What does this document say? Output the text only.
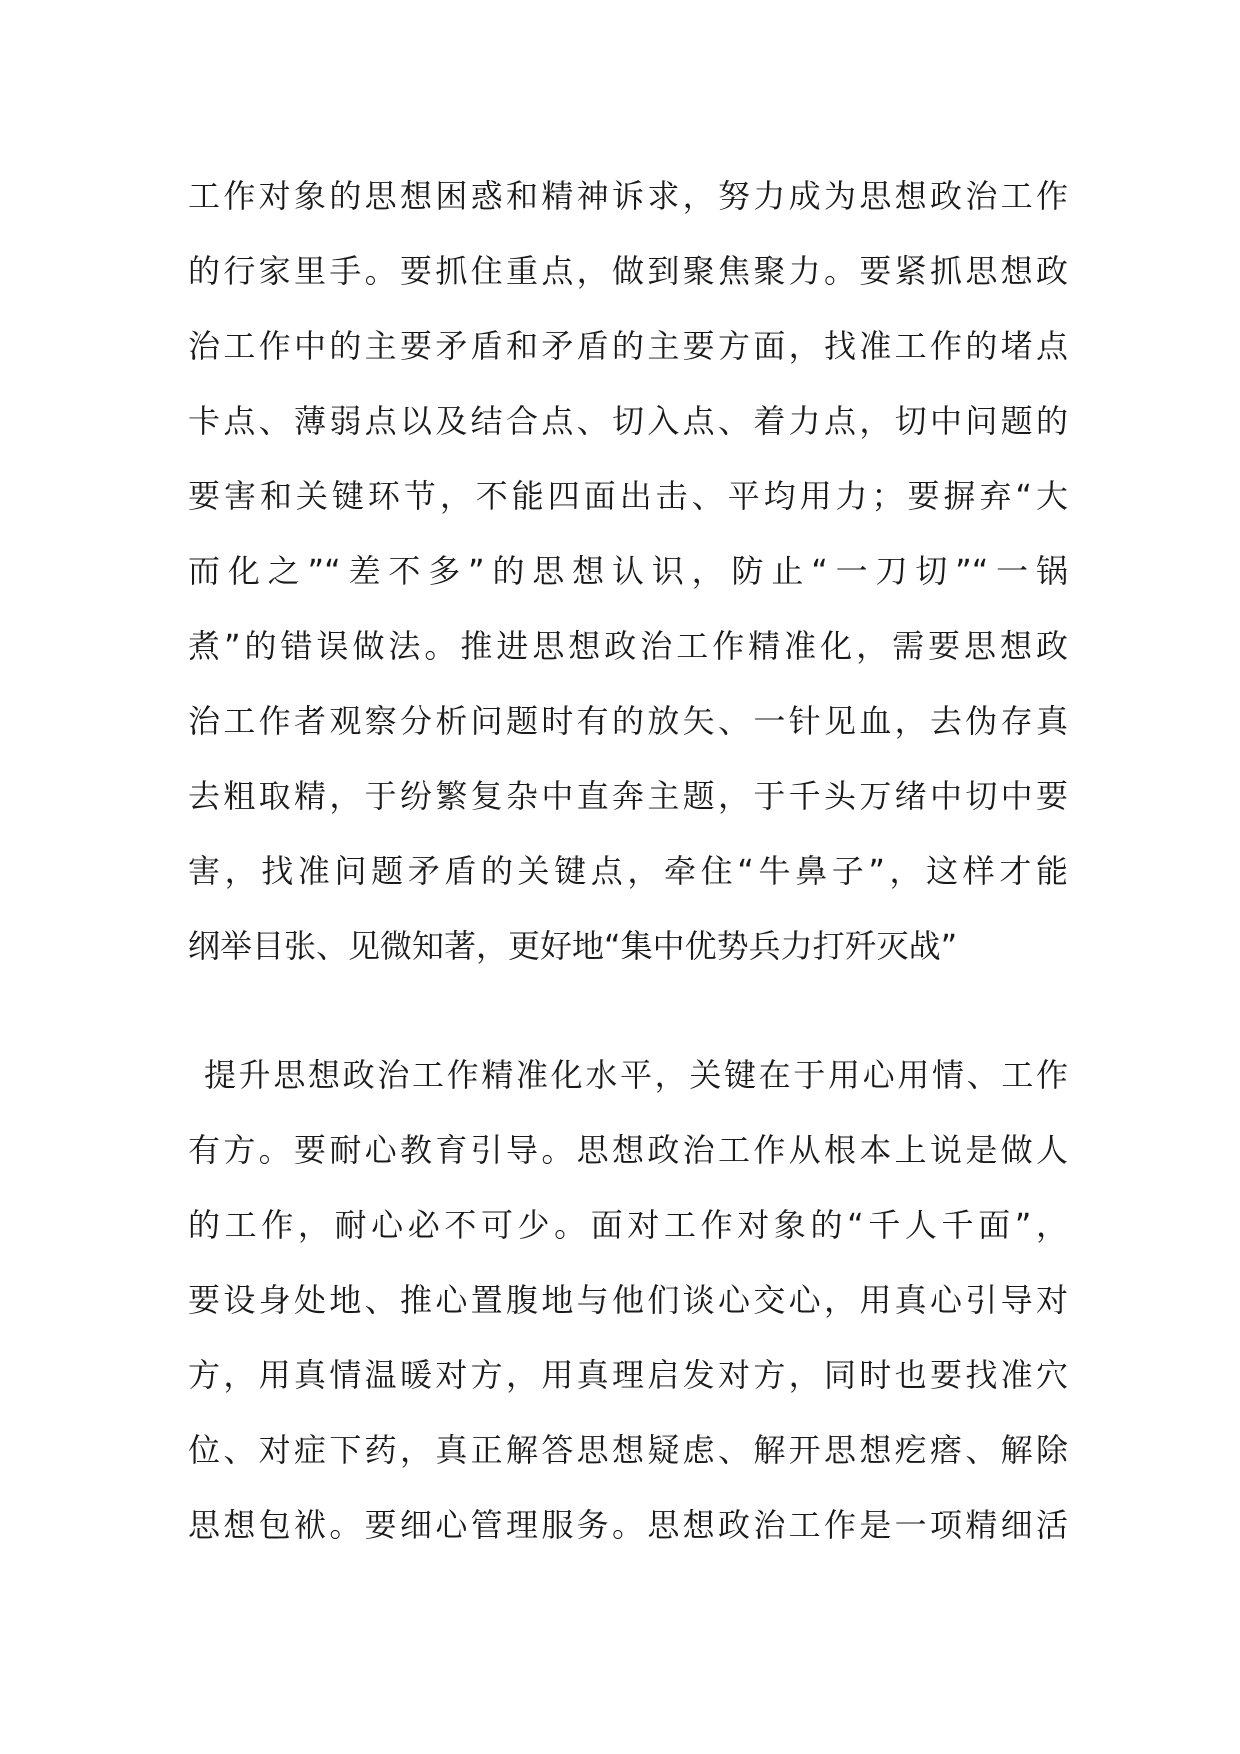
工作对象的思想困惑和精神诉求，努力成为思想政治工作
的行家里手。要抓住重点，做到聚焦聚力。要紧抓思想政
治工作中的主要矛盾和矛盾的主要方面，找准工作的堵点
卡点、薄弱点以及结合点、切入点、着力点，切中问题的
要害和关键环节，不能四面出击、平均用力；要摒弃“大
而化之”“差不多”的思想认识，防止“一刀切”“一锅
煮”的错误做法。推进思想政治工作精准化，需要思想政
治工作者观察分析问题时有的放矢、一针见血，去伪存真
去粗取精，于纷繁复杂中直奔主题，于千头万绪中切中要
害，找准问题矛盾的关键点，牵住“牛鼻子”，这样才能
纲举目张、见微知著，更好地“集中优势兵力打歼灭战”
提升思想政治工作精准化水平，关键在于用心用情、工作
有方。要耐心教育引导。思想政治工作从根本上说是做人
的工作，耐心必不可少。面对工作对象的“千人千面”，
要设身处地、推心置腹地与他们谈心交心，用真心引导对
方，用真情温暖对方，用真理启发对方，同时也要找准穴
位、对症下药，真正解答思想疑虑、解开思想疙瘩、解除
思想包袱。要细心管理服务。思想政治工作是一项精细活
